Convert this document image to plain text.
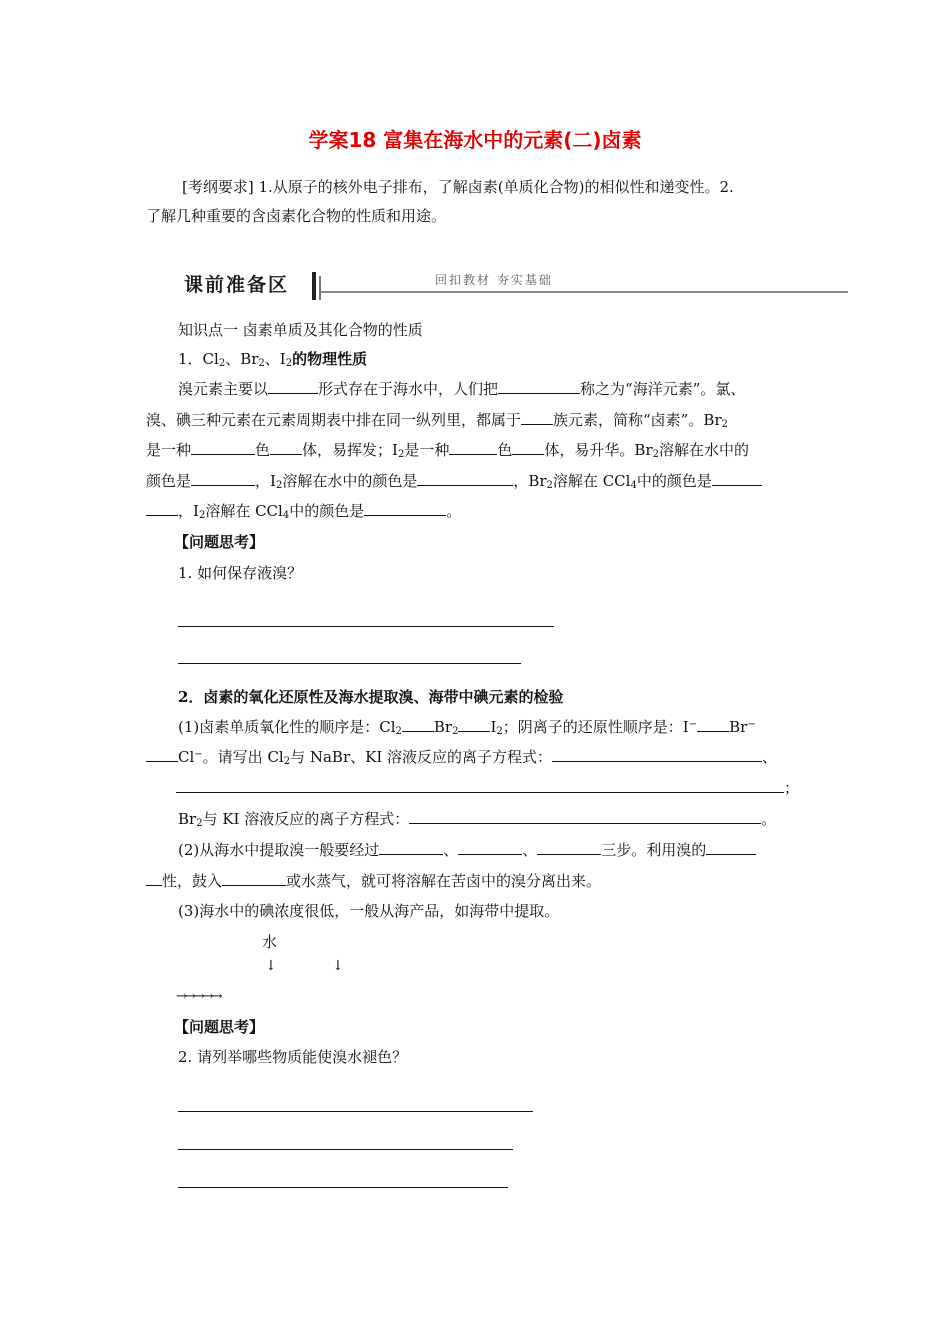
学案18 富集在海水中的元素(二)卤素
[考纲要求] 1.从原子的核外电子排布，了解卤素(单质化合物)的相似性和递变性。2.
了解几种重要的含卤素化合物的性质和用途。
课前准备区	回扣教材 夯实基础
知识点一 卤素单质及其化合物的性质
1．$Cl_2$、$Br_2$、$I_2$的物理性质
溴元素主要以	形式存在于海水中，人们把	称之为“海洋元素”。氯、
溴、碘三种元素在元素周期表中排在同一纵列里，都属于 族元素，简称“卤素”。$Br_2$
是一种	色 体，易挥发；$I_2$是一种	色 体，易升华。$Br_2$溶解在水中的
颜色是	，$I_2$溶解在水中的颜色是	，$Br_2$溶解在 CCl$_4$中的颜色是
，$I_2$溶解在 CCl$_4$中的颜色是	。
【问题思考】
1. 如何保存液溴？
2．卤素的氧化还原性及海水提取溴、海带中碘元素的检验
(1)卤素单质氧化性的顺序是：$Cl_2$ $Br_2$ $I_2$；阴离子的还原性顺序是：I− Br−
Cl−。请写出 $Cl_2$与 NaBr、KI 溶液反应的离子方程式：	、
；
$Br_2$与 KI 溶液反应的离子方程式：	。
(2)从海水中提取溴一般要经过	、	、	三步。利用溴的
性，鼓入	或水蒸气，就可将溶解在苦卤中的溴分离出来。
(3)海水中的碘浓度很低，一般从海产品，如海带中提取。
水
↓	↓
→→→→→
【问题思考】
2. 请列举哪些物质能使溴水褪色？
